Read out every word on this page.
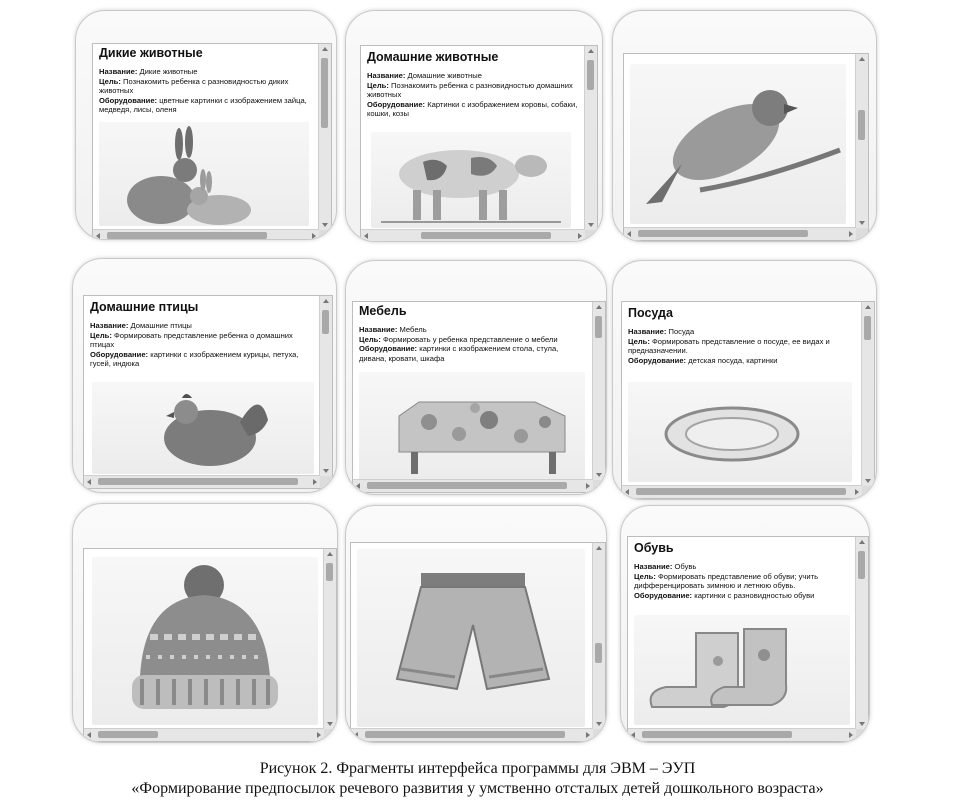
Дикие животные

Название: Дикие животные

Цель: Познакомить ребенка с разновидностью диких животных

Оборудование: цветные картинки с изображением зайца, медведя, лисы, оленя

Домашние животные

Название: Домашние животные

Цель: Познакомить ребенка с разновидностью домашних животных

Оборудование: Картинки с изображением коровы, собаки, кошки, козы

Домашние птицы

Название: Домашние птицы

Цель: Формировать представление ребенка о домашних птицах

Оборудование: картинки с изображением курицы, петуха, гусей, индюка

Мебель

Название: Мебель

Цель: Формировать у ребенка представление о мебели

Оборудование: картинки с изображением стола, стула, дивана, кровати, шкафа

Посуда

Название: Посуда

Цель: Формировать представление о посуде, ее видах и предназначении.

Оборудование: детская посуда, картинки

Обувь

Название: Обувь

Цель: Формировать представление об обуви; учить дифференцировать зимнюю и летнюю обувь.

Оборудование: картинки с разновидностью обуви

Рисунок 2. Фрагменты интерфейса программы для ЭВМ – ЭУП
«Формирование предпосылок речевого развития у умственно отсталых детей дошкольного возраста»
